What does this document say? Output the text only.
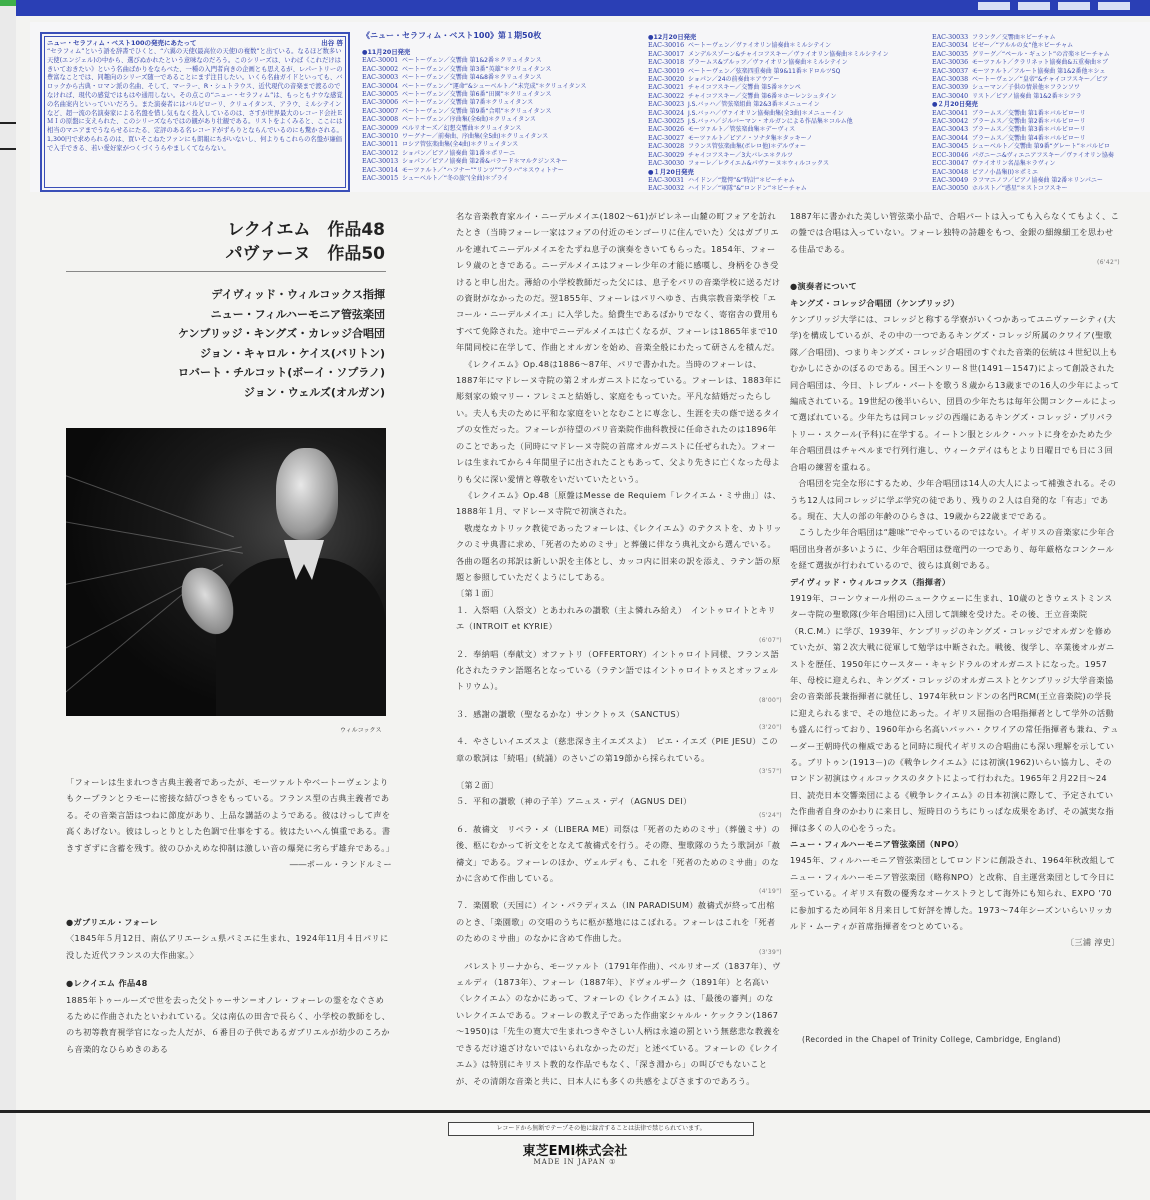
ニュー・セラフィム・ベスト100の発売にあたって	出谷 啓
“セラフィム”という語を辞書でひくと、“六翼の天使(最高位の天使)の複数”と出ている。なるほど数多い天使(エンジェル)の中から、選びぬかれたという意味なのだろう。このシリーズは、いわば《これだけはきいておきたい》という名曲ばかりをならべた、一種の入門者向きの企画とも思えるが、レパートリーの豊富なことでは、同趣向のシリーズ随一であることにまず注目したい。いくら名曲ガイドといっても、バロックから古典・ロマン派の名曲、そして、マーラー、R・シュトラウス、近代現代の音楽まで渡るのでなければ、現代の感覚ではもはや通用しない。その点この“ニュー・セラフィム”は、もっともナウな感覚の名曲案内といっていいだろう。また演奏者にはバルビローリ、クリュイタンス、アラウ、ミルシテインなど、超一流の名演奏家による名盤を惜し気もなく投入しているのは、さすが世界最大のレコード会社ＥＭＩの原盤に支えられた、このシリーズならではの観があり壮観である。リストをよくみると、ここには相当のマニアまでうならせるにたる、定評のある名レコードがずらりとならんでいるのにも驚かされる。1,300円で求められるのは、買いそこねたファンにも朗報にちがいないし、何よりもこれらの名盤が廉価で入手できる、若い愛好家がつくづくうらやましくてならない。
《ニュー・セラフィム・ベスト100》第１期50枚
●11月20日発売
EAC-30001 ベートーヴェン／交響曲 第1&2番＊クリュイタンス
EAC-30002 ベートーヴェン／交響曲 第3番“英雄”＊クリュイタンス
EAC-30003 ベートーヴェン／交響曲 第4&8番＊クリュイタンス
EAC-30004 ベートーヴェン／“運命”&シューベルト／“未完成”＊クリュイタンス
EAC-30005 ベートーヴェン／交響曲 第6番“田園”＊クリュイタンス
EAC-30006 ベートーヴェン／交響曲 第7番＊クリュイタンス
EAC-30007 ベートーヴェン／交響曲 第9番“合唱”＊クリュイタンス
EAC-30008 ベートーヴェン／序曲集(全6曲)＊クリュイタンス
EAC-30009 ベルリオーズ／幻想交響曲＊クリュイタンス
EAC-30010 ワーグナー／前奏曲、序曲集(全5曲)＊クリュイタンス
EAC-30011 ロシア管弦楽曲集(全4曲)＊クリュイタンス
EAC-30012 ショパン／ピアノ協奏曲 第1番＊ポリーニ
EAC-30013 ショパン／ピアノ協奏曲 第2番&バラード＊マルクジンスキー
EAC-30014 モーツァルト／“ハフナー”“リンツ”“プラハ”＊スウィトナー
EAC-30015 シューベルト／“冬の旅”(全曲)＊プライ
●12月20日発売
EAC-30016 ベートーヴェン／ヴァイオリン協奏曲＊ミルシテイン
EAC-30017 メンデルスゾーン&チャイコフスキー／ヴァイオリン協奏曲＊ミルシテイン
EAC-30018 ブラームス&ブルッフ／ヴァイオリン協奏曲＊ミルシテイン
EAC-30019 ベートーヴェン／弦楽四重奏曲 第9&11番＊ドロルツSQ
EAC-30020 ショパン／24の前奏曲＊アウアー
EAC-30021 チャイコフスキー／交響曲 第5番＊ケンペ
EAC-30022 チャイコフスキー／交響曲 第6番＊ホーレンシュタイン
EAC-30023 J.S.バッハ／管弦楽組曲 第2&3番＊メニューイン
EAC-30024 J.S.バッハ／ヴァイオリン協奏曲集(全3曲)＊メニューイン
EAC-30025 J.S.バッハ／ジルバーマン・オルガンによる作品集＊コルム他
EAC-30026 モーツァルト／管弦楽曲集＊デーヴィス
EAC-30027 モーツァルト／ピアノ・ソナタ集＊タッキーノ
EAC-30028 フランス管弦楽曲集(ボレロ他)＊デルヴォー
EAC-30029 チャイコフスキー／3大バレエ＊クルツ
EAC-30030 フォーレ／レクイエム&パヴァーヌ＊ウィルコックス
●１月20日発売
EAC-30031 ハイドン／“驚愕”&“時計”＊ビーチャム
EAC-30032 ハイドン／“軍隊”&“ロンドン”＊ビーチャム
EAC-30033 フランク／交響曲＊ビーチャム
EAC-30034 ビゼー／“アルルの女”他＊ビーチャム
EAC-30035 グリーグ／“ペール・ギュント”の音楽＊ビーチャム
EAC-30036 モーツァルト／クラリネット協奏曲&五重奏曲＊ブ
EAC-30037 モーツァルト／フルート協奏曲 第1&2番他＊シェ
EAC-30038 ベートーヴェン／“皇帝”&チャイコフスキー／ピア
EAC-30039 シューマン／子供の情景他＊フランソワ
EAC-30040 リスト／ピアノ協奏曲 第1&2番＊シフラ
●２月20日発売
EAC-30041 ブラームス／交響曲 第1番＊バルビローリ
EAC-30042 ブラームス／交響曲 第2番＊バルビローリ
EAC-30043 ブラームス／交響曲 第3番＊バルビローリ
EAC-30044 ブラームス／交響曲 第4番＊バルビローリ
EAC-30045 シューベルト／交響曲 第9番“グレート”＊バルビロ
ECC-30046 パガニーニ&ヴィエニアフスキー／ヴァイオリン協奏
ECC-30047 ヴァイオリン名品集＊ラヴィン
EAC-30048 ピアノ小品集(I)＊ポミエ
EAC-30049 ラフマニノフ／ピアノ協奏曲 第2番＊リンパニー
EAC-30050 ホルスト／“惑星”＊ストコフスキー
レクイエム　作品48
パヴァーヌ　作品50
デイヴィッド・ウィルコックス指揮
ニュー・フィルハーモニア管弦楽団
ケンブリッジ・キングズ・カレッジ合唱団
ジョン・キャロル・ケイス(バリトン)
ロバート・チルコット(ボーイ・ソプラノ)
ジョン・ウェルズ(オルガン)
ウィルコックス
「フォーレは生まれつき古典主義者であったが、モーツァルトやベートーヴェンよりもクープランとラモーに密接な結びつきをもっている。フランス型の古典主義者である。その音楽言語はつねに節度があり、上品な講話のようである。彼はけっして声を高くあげない。彼はしっとりとした色調で仕事をする。彼はたいへん慎重である。書きすぎずに含蓄を残す。彼のひかえめな抑制は激しい音の爆発に劣らず雄弁である。」
――ポール・ランドルミー
●ガブリエル・フォーレ
〈1845年５月12日、南仏アリエーシュ県パミエに生まれ、1924年11月４日パリに没した近代フランスの大作曲家。〉
●レクイエム 作品48
1885年トゥールーズで世を去った父トゥーサン＝オノレ・フォーレの霊をなぐさめるために作曲されたといわれている。父は南仏の田舎で長らく、小学校の教師をし、のち初等教育視学官になった人だが、６番目の子供であるガブリエルが幼少のころから音楽的なひらめきのある
名な音楽教育家ルイ・ニーデルメイエ(1802～61)がピレネー山麓の町フォアを訪れたとき（当時フォーレ一家はフォアの付近のモンゴーリに住んでいた）父はガブリエルを連れてニーデルメイエをたずね息子の演奏をきいてもらった。1854年、フォーレ９歳のときである。ニーデルメイエはフォーレ少年の才能に感嘆し、身柄をひき受けると申し出た。薄給の小学校教師だった父には、息子をパリの音楽学校に送るだけの資財がなかったのだ。翌1855年、フォーレはパリへゆき、古典宗教音楽学校「エコール・ニーデルメイエ」に入学した。給費生であるばかりでなく、寄宿舎の費用もすべて免除された。途中でニーデルメイエは亡くなるが、フォーレは1865年まで10年間同校に在学して、作曲とオルガンを始め、音楽全般にわたって研さんを積んだ。
《レクイエム》Op.48は1886～87年、パリで書かれた。当時のフォーレは、1887年にマドレーヌ寺院の第２オルガニストになっている。フォーレは、1883年に彫刻家の娘マリー・フレミエと結婚し、家庭をもっていた。平凡な結婚だったらしい。夫人も夫のために平和な家庭をいとなむことに専念し、生涯を夫の蔭で送るタイプの女性だった。フォーレが待望のパリ音楽院作曲科教授に任命されたのは1896年のことであった（同時にマドレーヌ寺院の首席オルガニストに任ぜられた）。フォーレは生まれてから４年間里子に出されたこともあって、父より先きに亡くなった母よりも父に深い愛情と尊敬をいだいていたという。
《レクイエム》Op.48〔原盤はMesse de Requiem「レクイエム・ミサ曲」〕は、1888年１月、マドレーヌ寺院で初演された。
敬虔なカトリック教徒であったフォーレは、《レクイエム》のテクストを、カトリックのミサ典書に求め、「死者のためのミサ」と葬儀に伴なう典礼文から選んでいる。各曲の題名の邦訳は新しい訳を主体とし、カッコ内に旧来の訳を添え、ラテン語の原題と参照していただくようにしてある。
〔第１面〕
１．入祭唱（入祭文）とあわれみの讃歌（主よ憐れみ給え）　イントゥロイトとキリエ（INTROIT et KYRIE）
(6'07")
２．奉納唱（奉献文）オファトリ（OFFERTORY）イントゥロイト同様、フランス語化されたラテン語題名となっている（ラテン語ではイントゥロイトゥスとオッフェルトリウム）。
(8'00")
３．感謝の讃歌（聖なるかな）サンクトゥス（SANCTUS）
(3'20")
４．やさしいイエズスよ（慈悲深き主イエズスよ）　ピエ・イエズ（PIE JESU）この章の歌詞は「続唱」(続誦）のさいごの第19節から採られている。
(3'57")
〔第２面〕
５．平和の讃歌（神の子羊）アニュス・デイ（AGNUS DEI）
(5'24")
６．赦禱文　リベラ・メ（LIBERA ME）司祭は「死者のためのミサ」（葬儀ミサ）の後、柩にむかって祈文をとなえて赦禱式を行う。その際、聖歌隊のうたう歌詞が「赦禱文」である。フォーレのほか、ヴェルディも、これを「死者のためのミサ曲」のなかに含めて作曲している。
(4'19")
７．楽園歌（天国に）イン・パラディスム（IN PARADISUM）赦禱式が終って出棺のとき、「楽園歌」の交唱のうちに柩が墓地にはこばれる。フォーレはこれを「死者のためのミサ曲」のなかに含めて作曲した。
(3'39")
パレストリーナから、モーツァルト（1791年作曲）、ベルリオーズ（1837年）、ヴェルディ（1873年）、フォーレ（1887年）、ドヴォルザーク（1891年）と名高い〈レクイエム〉のなかにあって、フォーレの《レクイエム》は、「最後の審判」のないレクイエムである。フォーレの教え子であった作曲家シャルル・ケックラン(1867～1950)は「先生の寛大で生まれつきやさしい人柄は永遠の罰という無慈悲な教義をできるだけ遠ざけないではいられなかったのだ」と述べている。フォーレの《レクイエム》は特別にキリスト教的な作品でもなく、「深き淵から」の叫びでもないことが、その清朗な音楽と共に、日本人にも多くの共感をよびさますのであろう。
1887年に書かれた美しい管弦楽小品で、合唱パートは入っても入らなくてもよく、この盤では合唱は入っていない。フォーレ独特の詩趣をもつ、金銀の細線細工を思わせる佳品である。
(6'42")
●演奏者について
キングズ・コレッジ合唱団（ケンブリッジ）
ケンブリッジ大学には、コレッジと称する学寮がいくつかあってユニヴァーシティ(大学)を構成しているが、その中の一つであるキングズ・コレッジ所属のクワイア(聖歌隊／合唱団)、つまりキングズ・コレッジ合唱団のすぐれた音楽的伝統は４世紀以上もむかしにさかのぼるのである。国王ヘンリー８世(1491－1547)によって創設された同合唱団は、今日、トレブル・パートを歌う８歳から13歳までの16人の少年によって編成されている。19世紀の後半いらい、団員の少年たちは毎年公開コンクールによって選ばれている。少年たちは同コレッジの西端にあるキングズ・コレッジ・プリパラトリー・スクール(予科)に在学する。イートン服とシルク・ハットに身をかためた少年合唱団員はチャペルまで行列行進し、ウィークデイはもとより日曜日でも日に３回合唱の練習を重ねる。
合唱団を完全な形にするため、少年合唱団は14人の大人によって補強される。そのうち12人は同コレッジに学ぶ学究の徒であり、残りの２人は自発的な「有志」である。現在、大人の部の年齢のひらきは、19歳から22歳までである。
こうした少年合唱団は“趣味”でやっているのではない。イギリスの音楽家に少年合唱団出身者が多いように、少年合唱団は登竜門の一つであり、毎年厳格なコンクールを経て選抜が行われているので、彼らは真剣である。
デイヴィッド・ウィルコックス（指揮者）
1919年、コーンウォール州のニュークウェーに生まれ、10歳のときウェストミンスター寺院の聖歌隊(少年合唱団)に入団して訓練を受けた。その後、王立音楽院（R.C.M.）に学び、1939年、ケンブリッジのキングズ・コレッジでオルガンを修めていたが、第２次大戦に従軍して勉学は中断された。戦後、復学し、卒業後オルガニストを歴任、1950年にウースター・キャシドラルのオルガニストになった。1957年、母校に迎えられ、キングズ・コレッジのオルガニストとケンブリッジ大学音楽協会の音楽部長兼指揮者に就任し、1974年秋ロンドンの名門RCM(王立音楽院)の学長に迎えられるまで、その地位にあった。イギリス屈指の合唱指揮者として学外の活動も盛んに行っており、1960年から名高いバッハ・クワイアの常任指揮者も兼ね、テューダー王朝時代の権威であると同時に現代イギリスの合唱曲にも深い理解を示している。ブリトゥン(1913－)の《戦争レクイエム》には初演(1962)いらい協力し、そのロンドン初演はウィルコックスのタクトによって行われた。1965年２月22日～24日、読売日本交響楽団による《戦争レクイエム》の日本初演に際して、予定されていた作曲者自身のかわりに来日し、短時日のうちにりっぱな成果をあげ、その誠実な指揮は多くの人の心をうった。
ニュー・フィルハーモニア管弦楽団（NPO）
1945年、フィルハーモニア管弦楽団としてロンドンに創設され、1964年秋改組してニュー・フィルハーモニア管弦楽団（略称NPO）と改称、自主運営楽団として今日に至っている。イギリス有数の優秀なオーケストラとして海外にも知られ、EXPO '70 に参加するため同年８月来日して好評を博した。1973～74年シーズンいらいリッカルド・ムーティが首席指揮者をつとめている。
〔三浦 淳史〕
(Recorded in the Chapel of Trinity College, Cambridge, England)
レコードから無断でテープその他に録音することは法律で禁じられています。
東芝EMI株式会社
MADE IN JAPAN ①
